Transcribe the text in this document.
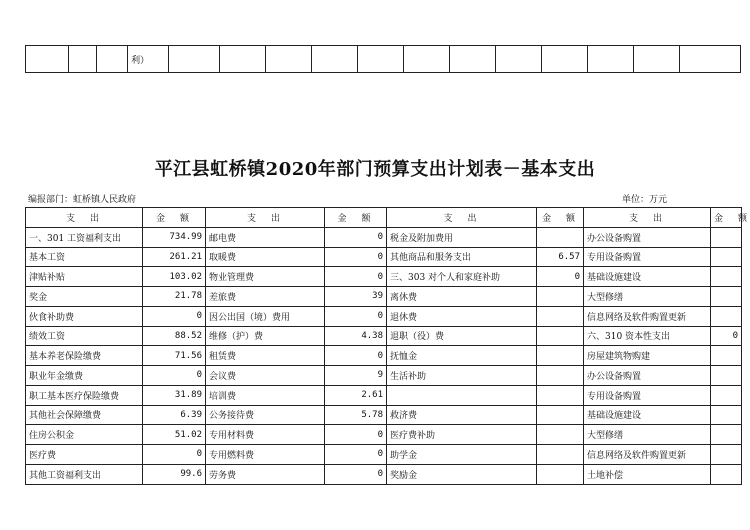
			利）												
平江县虹桥镇2020年部门预算支出计划表－基本支出
编报部门：虹桥镇人民政府	单位：万元
支　出	金　额	支　出	金　额	支　出	金　额	支　出	金　额
一、301 工资福利支出	734.99	邮电费	0	税金及附加费用		办公设备购置	
基本工资	261.21	取暖费	0	其他商品和服务支出	6.57	专用设备购置	
津贴补贴	103.02	物业管理费	0	三、303 对个人和家庭补助	0	基础设施建设	
奖金	21.78	差旅费	39	离休费		大型修缮	
伙食补助费	0	因公出国（境）费用	0	退休费		信息网络及软件购置更新	
绩效工资	88.52	维修（护）费	4.38	退职（役）费		六、310 资本性支出	0
基本养老保险缴费	71.56	租赁费	0	抚恤金		房屋建筑物购建	
职业年金缴费	0	会议费	9	生活补助		办公设备购置	
职工基本医疗保险缴费	31.89	培训费	2.61			专用设备购置	
其他社会保障缴费	6.39	公务接待费	5.78	救济费		基础设施建设	
住房公积金	51.02	专用材料费	0	医疗费补助		大型修缮	
医疗费	0	专用燃料费	0	助学金		信息网络及软件购置更新	
其他工资福利支出	99.6	劳务费	0	奖励金		土地补偿	
